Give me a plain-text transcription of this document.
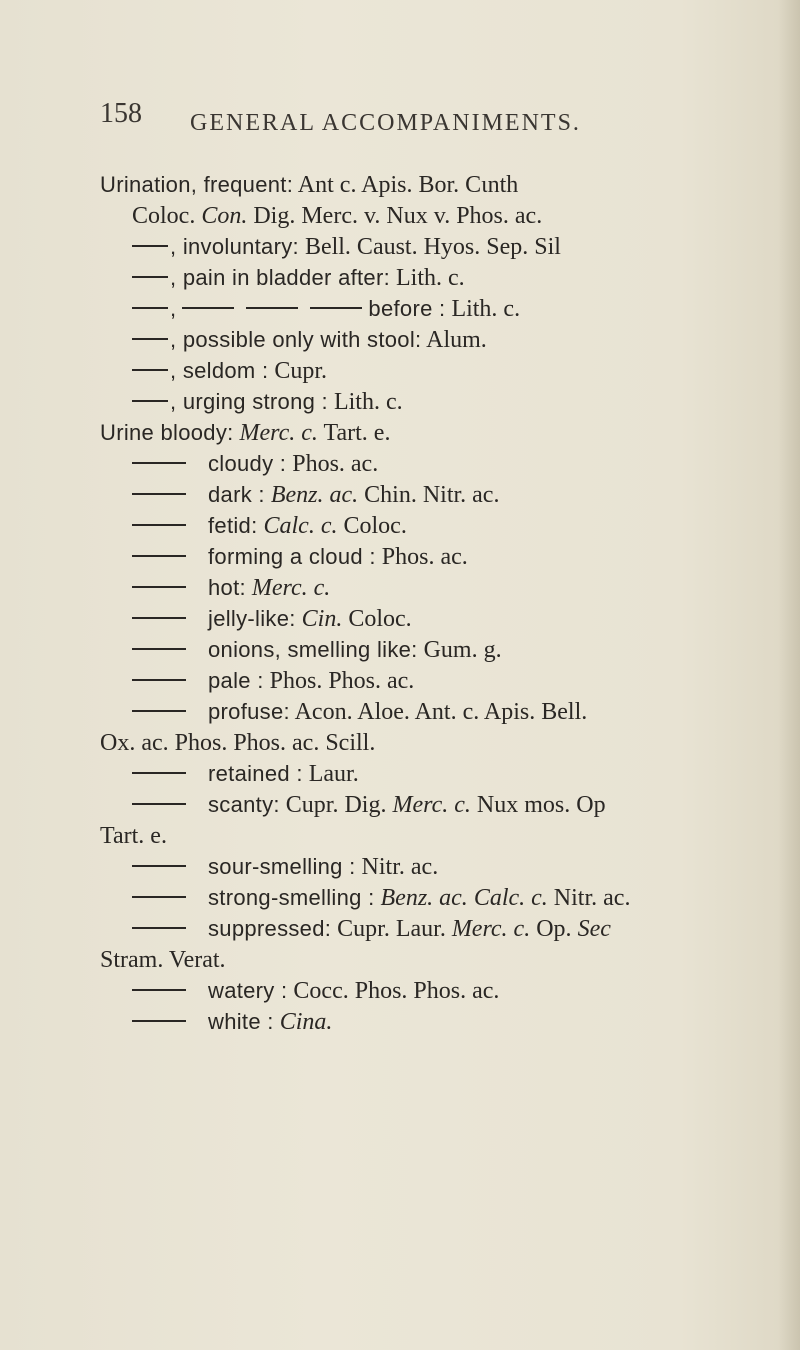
158 GENERAL ACCOMPANIMENTS.
Urination, frequent: Ant c. Apis. Bor. Cɩnth
Coloc. Con. Dig. Merc. v. Nux v. Phos. ac.
, involuntary: Bell. Caust. Hyos. Sep. Sil
, pain in bladder after: Lith. c.
,	before : Lith. c.
, possible only with stool: Alum.
, seldom : Cupr.
, urging strong : Lith. c.
Urine bloody: Merc. c. Tart. e.
cloudy : Phos. ac.
dark : Benz. ac. Chin. Nitr. ac.
fetid: Calc. c. Coloc.
forming a cloud : Phos. ac.
hot: Merc. c.
jelly-like: Cin. Coloc.
onions, smelling like: Gum. g.
pale : Phos. Phos. ac.
profuse: Acon. Aloe. Ant. c. Apis. Bell.
Ox. ac. Phos. Phos. ac. Scill.
retained : Laur.
scanty: Cupr. Dig. Merc. c. Nux mos. Op
Tart. e.
sour-smelling : Nitr. ac.
strong-smelling : Benz. ac. Calc. c. Nitr. ac.
suppressed: Cupr. Laur. Merc. c. Op. Sec
Stram. Verat.
watery : Cocc. Phos. Phos. ac.
white : Cina.
